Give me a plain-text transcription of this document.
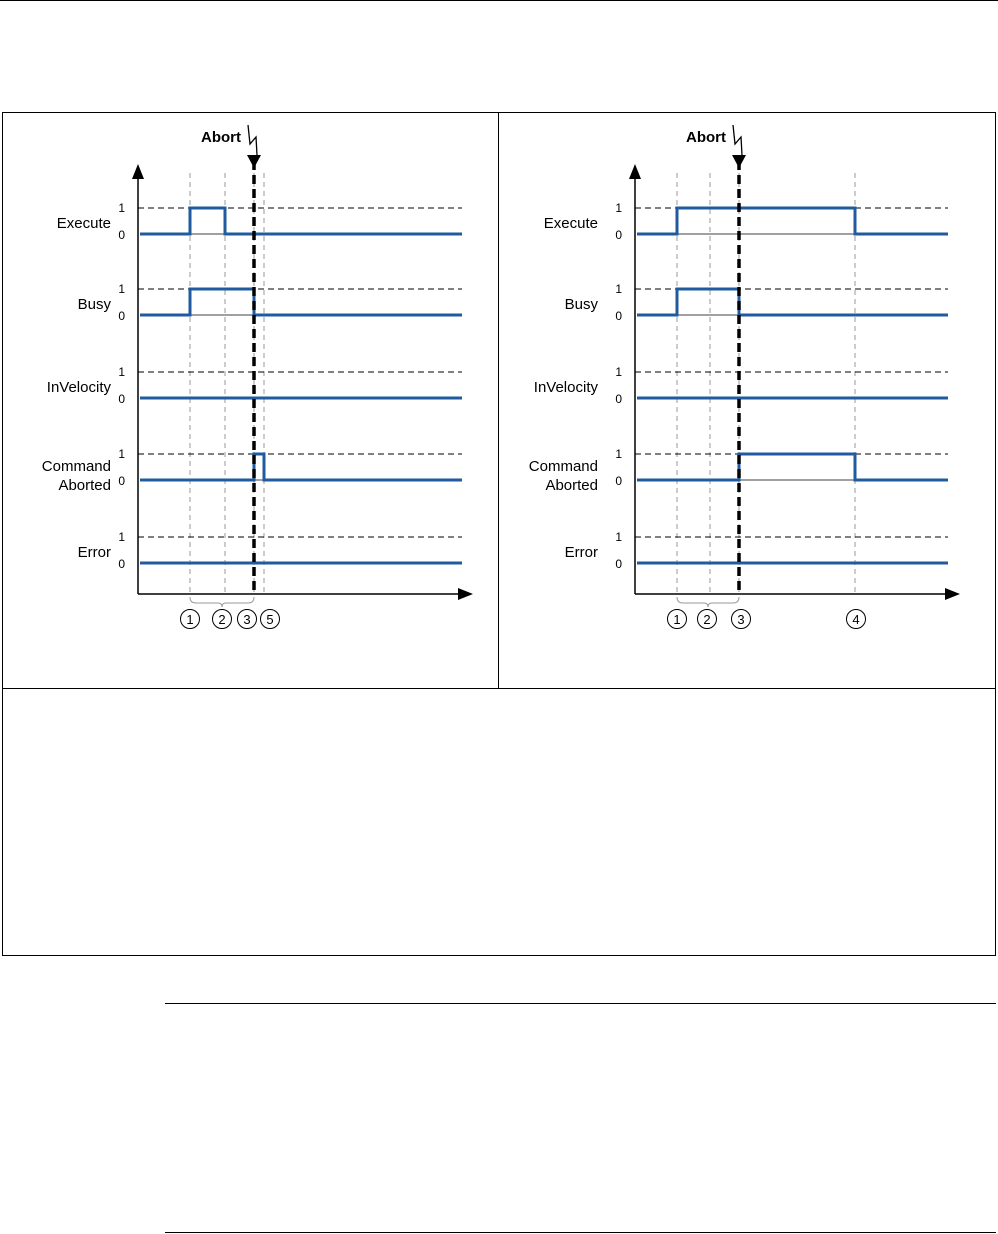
1
0
Execute
1
0
Busy
1
0
InVelocity
1
0
Command
Aborted
1
0
Error
Abort
1 2 3 5
1
0
Execute
1
0
Busy
1
0
InVelocity
1
0
Command
Aborted
1
0
Error
Abort
1 2 3	4
